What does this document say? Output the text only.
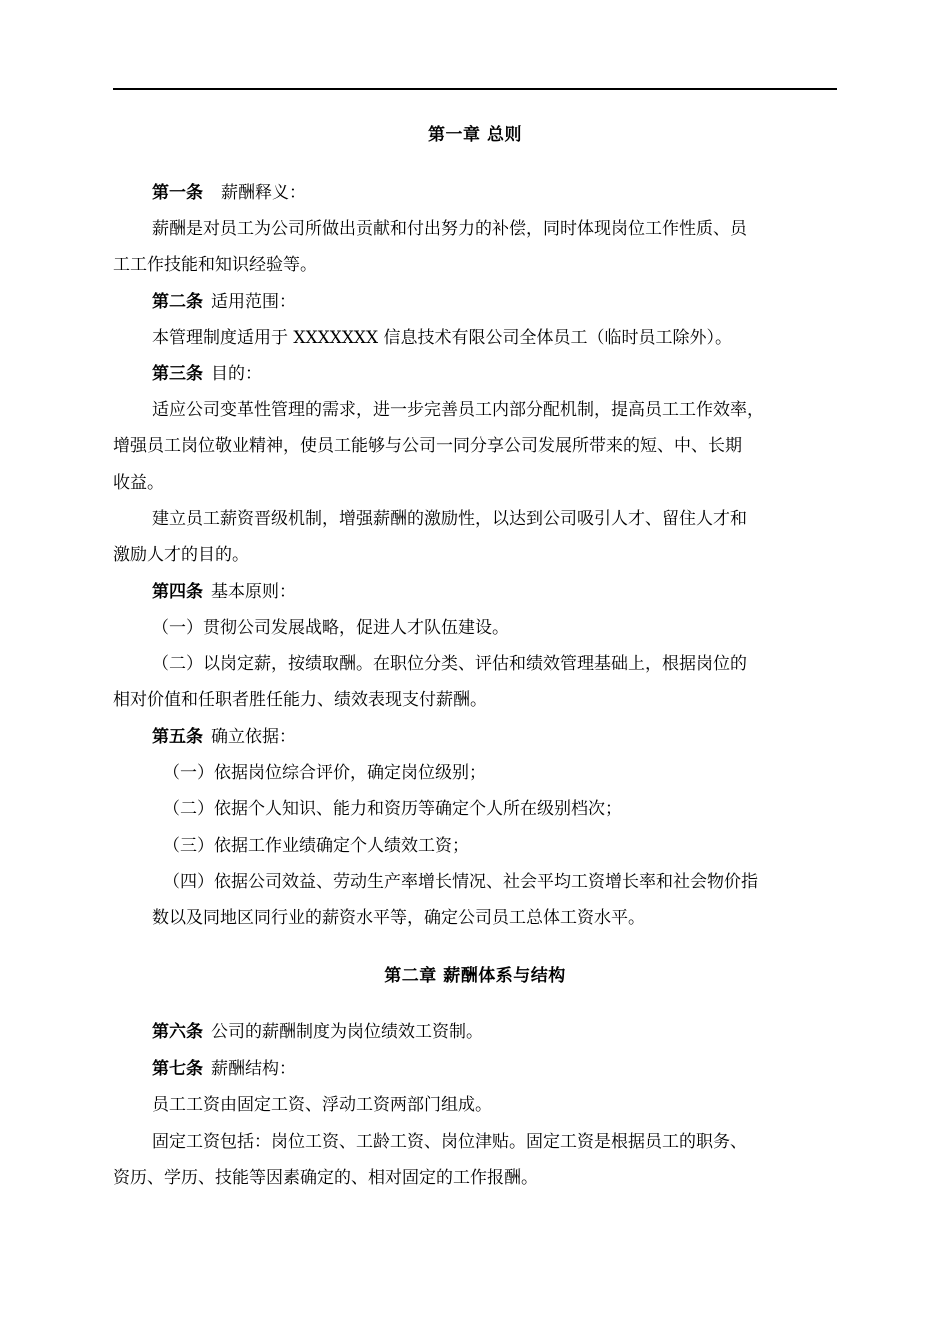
第一章 总则
第一条 薪酬释义：
薪酬是对员工为公司所做出贡献和付出努力的补偿，同时体现岗位工作性质、员
工工作技能和知识经验等。
第二条 适用范围：
本管理制度适用于 XXXXXXX 信息技术有限公司全体员工（临时员工除外）。
第三条 目的：
适应公司变革性管理的需求，进一步完善员工内部分配机制，提高员工工作效率，
增强员工岗位敬业精神，使员工能够与公司一同分享公司发展所带来的短、中、长期
收益。
建立员工薪资晋级机制，增强薪酬的激励性，以达到公司吸引人才、留住人才和
激励人才的目的。
第四条 基本原则：
（一）贯彻公司发展战略，促进人才队伍建设。
（二）以岗定薪，按绩取酬。在职位分类、评估和绩效管理基础上，根据岗位的
相对价值和任职者胜任能力、绩效表现支付薪酬。
第五条 确立依据：
（一）依据岗位综合评价，确定岗位级别；
（二）依据个人知识、能力和资历等确定个人所在级别档次；
（三）依据工作业绩确定个人绩效工资；
（四）依据公司效益、劳动生产率增长情况、社会平均工资增长率和社会物价指
数以及同地区同行业的薪资水平等，确定公司员工总体工资水平。
第二章 薪酬体系与结构
第六条 公司的薪酬制度为岗位绩效工资制。
第七条 薪酬结构：
员工工资由固定工资、浮动工资两部门组成。
固定工资包括：岗位工资、工龄工资、岗位津贴。固定工资是根据员工的职务、
资历、学历、技能等因素确定的、相对固定的工作报酬。
